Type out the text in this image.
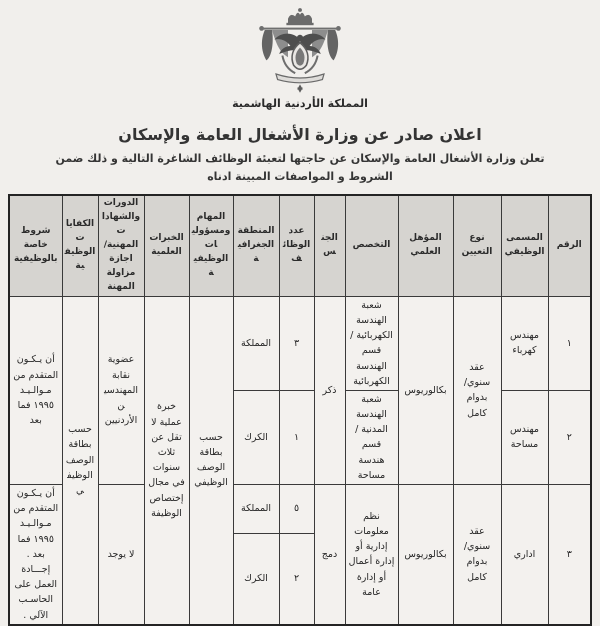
المملكة الأردنية الهاشمية
اعلان صادر عن وزارة الأشغال العامة والإسكان

تعلن وزارة الأشغال العامة والإسكان عن حاجتها لتعبئة الوظائف الشاغرة التالية و ذلك ضمن الشروط و المواصفات المبينة ادناه

الرقم	المسمى الوظيفي	نوع التعيين	المؤهل العلمي	التخصص	الجنس	عدد الوظائف	المنطقة الجغرافية	المهام ومسؤوليات الوظيفية	الخبرات العلمية	الدورات والشهادات المهنية/ اجازة مزاولة المهنة	الكفايات الوظيفية	شروط خاصة بالوظيفية
١	مهندس كهرباء	عقد سنوي/بدوام كامل	بكالوريوس	شعبة الهندسة الكهربائية / قسم الهندسة الكهربائية	ذكر	٣	المملكة	حسب بطاقة الوصف الوظيفي	خبرة عملية لا تقل عن ثلاث سنوات في مجال إختصاص الوظيفة	عضوية نقابة المهندسين الأردنيين	حسب بطاقة الوصف الوظيفي	أن يـكـون المتقدم من مـوالـيـد ١٩٩٥ فما بعد
٢	مهندس مساحة			شعبة الهندسة المدنية / قسم هندسة مساحة		١	الكرك					
٣	اداري	عقد سنوي/بدوام كامل	بكالوريوس	نظم معلومات إدارية أو إدارة أعمال أو إدارة عامة	دمج	٥	المملكة			لا يوجد		أن يـكـون المتقدم من مـوالـيـد ١٩٩٥ فما بعد . إجـــادة العمل على الحاسـب الآلي .
						٢	الكرك					
